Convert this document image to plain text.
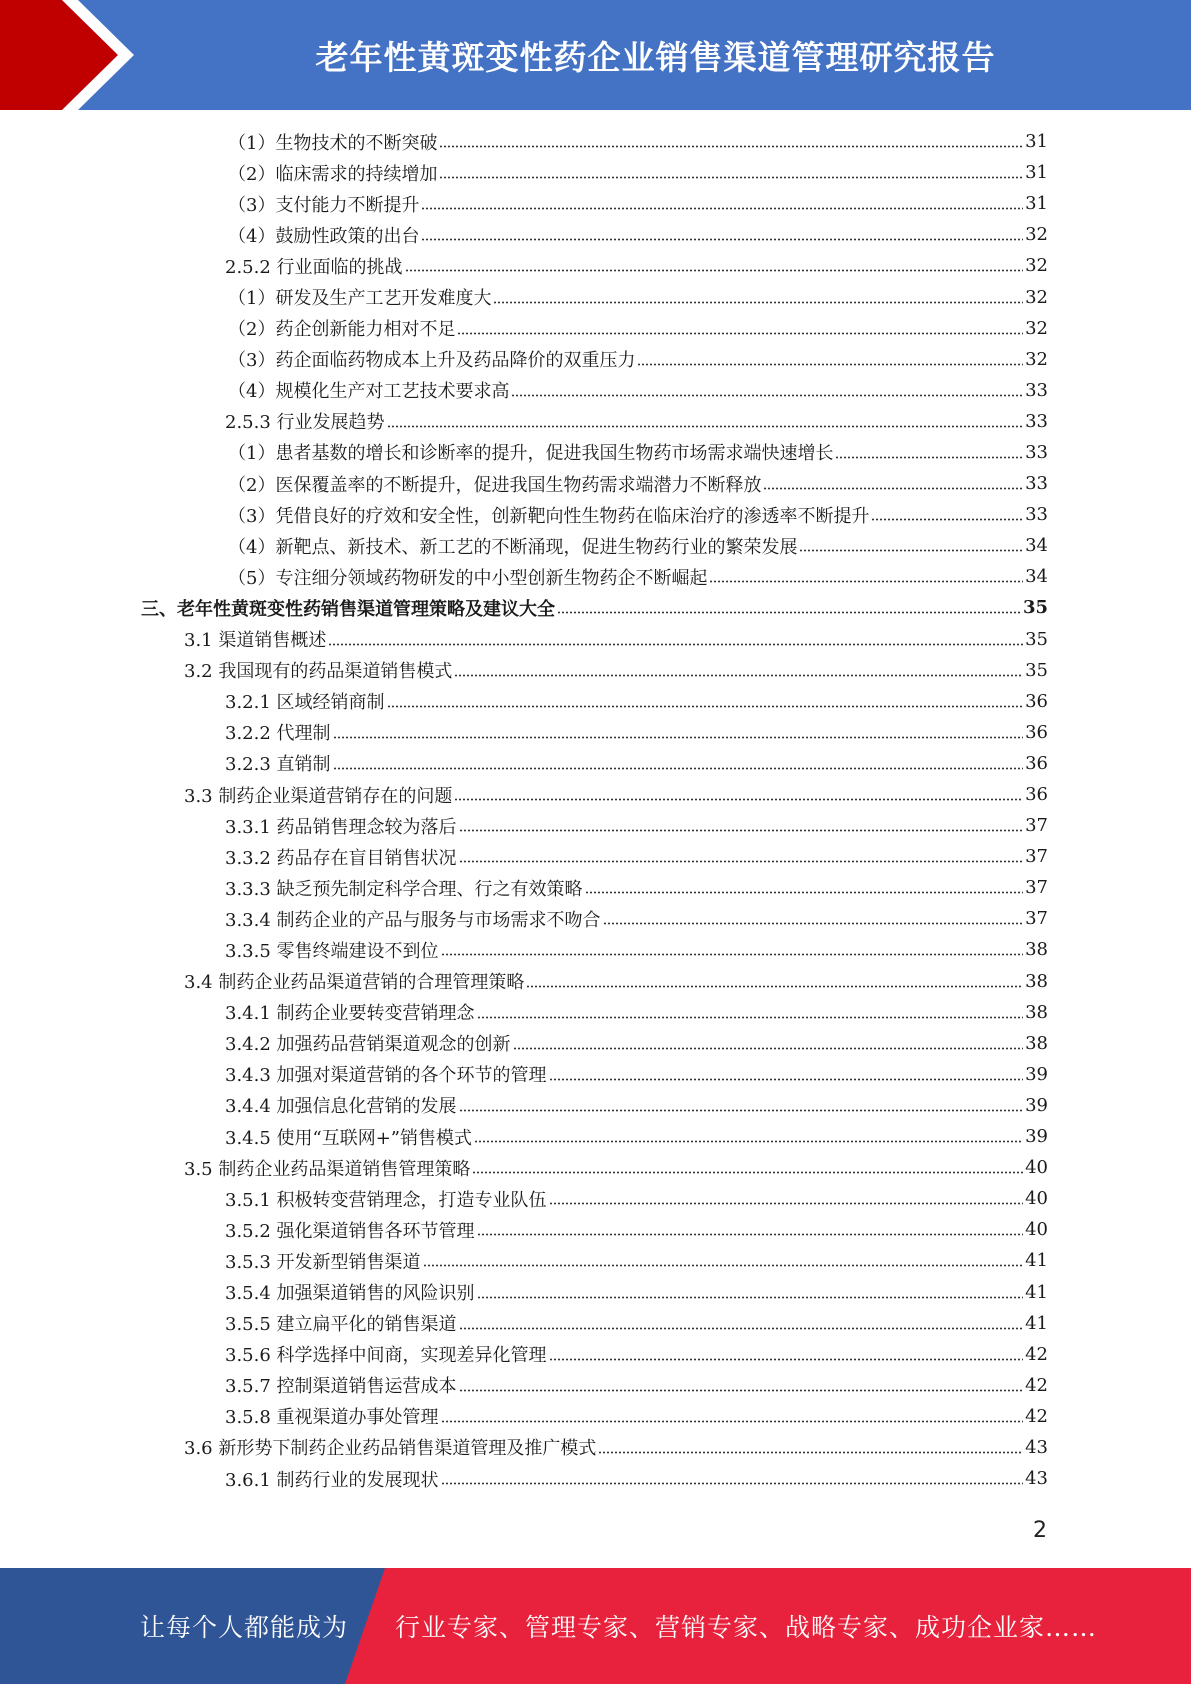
老年性黄斑变性药企业销售渠道管理研究报告
（1）生物技术的不断突破	31
（2）临床需求的持续增加	31
（3）支付能力不断提升	31
（4）鼓励性政策的出台	32
2.5.2 行业面临的挑战	32
（1）研发及生产工艺开发难度大	32
（2）药企创新能力相对不足	32
（3）药企面临药物成本上升及药品降价的双重压力	32
（4）规模化生产对工艺技术要求高	33
2.5.3 行业发展趋势	33
（1）患者基数的增长和诊断率的提升，促进我国生物药市场需求端快速增长	33
（2）医保覆盖率的不断提升，促进我国生物药需求端潜力不断释放	33
（3）凭借良好的疗效和安全性，创新靶向性生物药在临床治疗的渗透率不断提升	33
（4）新靶点、新技术、新工艺的不断涌现，促进生物药行业的繁荣发展	34
（5）专注细分领域药物研发的中小型创新生物药企不断崛起	34
三、老年性黄斑变性药销售渠道管理策略及建议大全	35
3.1 渠道销售概述	35
3.2 我国现有的药品渠道销售模式	35
3.2.1 区域经销商制	36
3.2.2 代理制	36
3.2.3 直销制	36
3.3 制药企业渠道营销存在的问题	36
3.3.1 药品销售理念较为落后	37
3.3.2 药品存在盲目销售状况	37
3.3.3 缺乏预先制定科学合理、行之有效策略	37
3.3.4 制药企业的产品与服务与市场需求不吻合	37
3.3.5 零售终端建设不到位	38
3.4 制药企业药品渠道营销的合理管理策略	38
3.4.1 制药企业要转变营销理念	38
3.4.2 加强药品营销渠道观念的创新	38
3.4.3 加强对渠道营销的各个环节的管理	39
3.4.4 加强信息化营销的发展	39
3.4.5 使用“互联网+”销售模式	39
3.5 制药企业药品渠道销售管理策略	40
3.5.1 积极转变营销理念，打造专业队伍	40
3.5.2 强化渠道销售各环节管理	40
3.5.3 开发新型销售渠道	41
3.5.4 加强渠道销售的风险识别	41
3.5.5 建立扁平化的销售渠道	41
3.5.6 科学选择中间商，实现差异化管理	42
3.5.7 控制渠道销售运营成本	42
3.5.8 重视渠道办事处管理	42
3.6 新形势下制药企业药品销售渠道管理及推广模式	43
3.6.1 制药行业的发展现状	43
2
让每个人都能成为 行业专家、管理专家、营销专家、战略专家、成功企业家……
